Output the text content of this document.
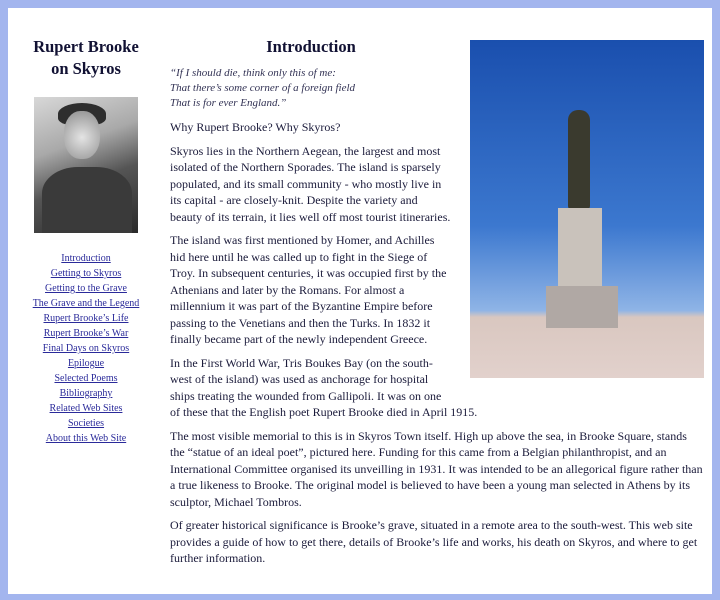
Rupert Brooke
on Skyros
Introduction
Getting to Skyros
Getting to the Grave
The Grave and the Legend
Rupert Brooke’s Life
Rupert Brooke’s War
Final Days on Skyros
Epilogue
Selected Poems
Bibliography
Related Web Sites
Societies
About this Web Site
Introduction
“If I should die, think only this of me:
That there’s some corner of a foreign field
That is for ever England.”

Why Rupert Brooke? Why Skyros?

Skyros lies in the Northern Aegean, the largest and most isolated of the Northern Sporades. The island is sparsely populated, and its small community - who mostly live in its capital - are closely-knit. Despite the variety and beauty of its terrain, it lies well off most tourist itineraries.

The island was first mentioned by Homer, and Achilles hid here until he was called up to fight in the Siege of Troy. In subsequent centuries, it was occupied first by the Athenians and later by the Romans. For almost a millennium it was part of the Byzantine Empire before passing to the Venetians and then the Turks. In 1832 it finally became part of the newly independent Greece.

In the First World War, Tris Boukes Bay (on the south-west of the island) was used as anchorage for hospital ships treating the wounded from Gallipoli. It was on one of these that the English poet Rupert Brooke died in April 1915.

The most visible memorial to this is in Skyros Town itself. High up above the sea, in Brooke Square, stands the “statue of an ideal poet”, pictured here. Funding for this came from a Belgian philanthropist, and an International Committee organised its unveilling in 1931. It was intended to be an allegorical figure rather than a true likeness to Brooke. The original model is believed to have been a young man selected in Athens by its sculptor, Michael Tombros.

Of greater historical significance is Brooke’s grave, situated in a remote area to the south-west. This web site provides a guide of how to get there, details of Brooke’s life and works, his death on Skyros, and where to get further information.
